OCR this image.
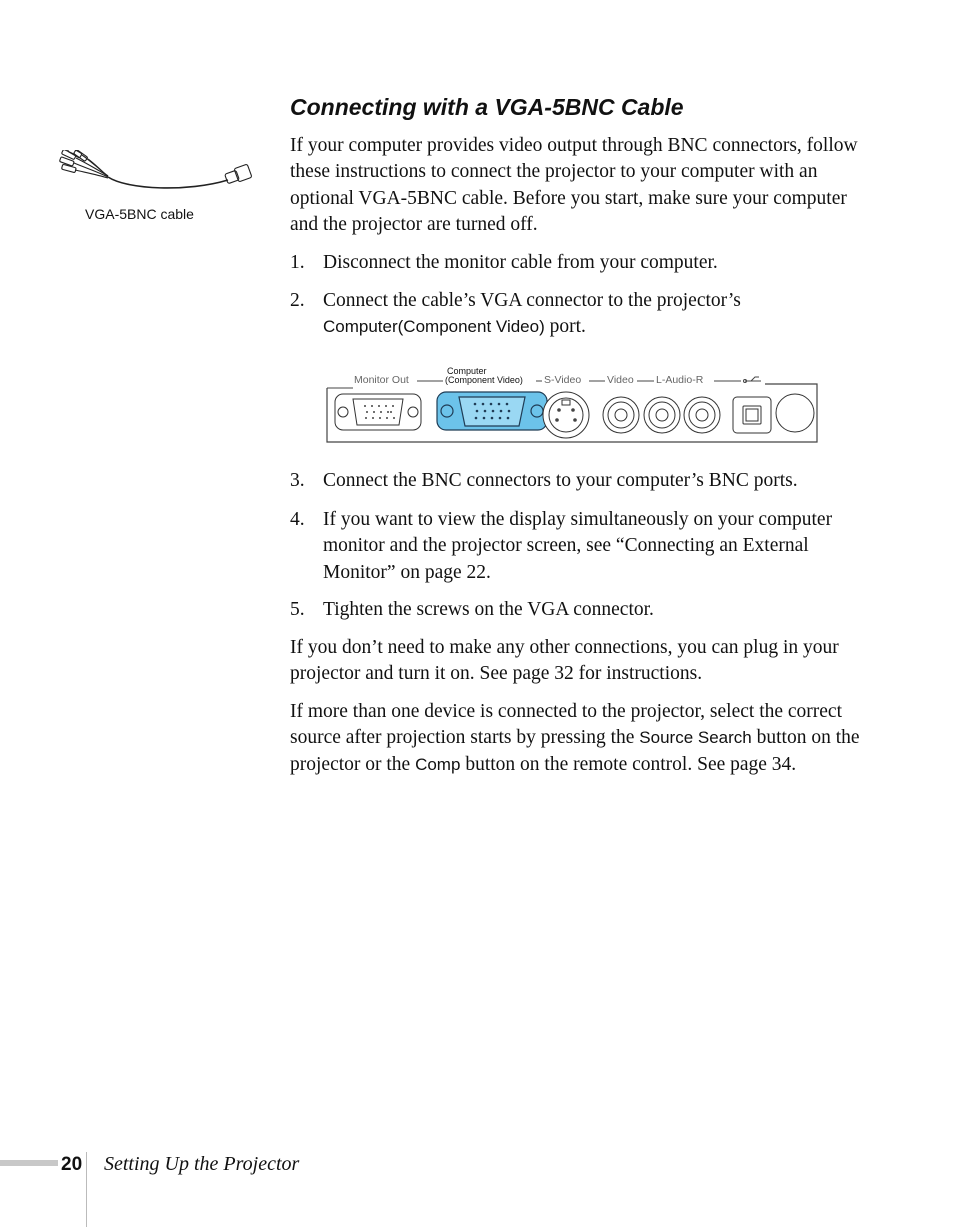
VGA-5BNC cable
Connecting with a VGA-5BNC Cable

If your computer provides video output through BNC connectors, follow these instructions to connect the projector to your computer with an optional VGA-5BNC cable. Before you start, make sure your computer and the projector are turned off.

1. Disconnect the monitor cable from your computer.
2. Connect the cable’s VGA connector to the projector’s
Computer(Component Video) port.
Monitor Out
Computer
(Component Video) S-Video Video L-Audio-R
3. Connect the BNC connectors to your computer’s BNC ports.
4. If you want to view the display simultaneously on your computer monitor and the projector screen, see “Connecting an External Monitor” on page 22.
5. Tighten the screws on the VGA connector.

If you don’t need to make any other connections, you can plug in your projector and turn it on. See page 32 for instructions.

If more than one device is connected to the projector, select the correct source after projection starts by pressing the Source Search button on the projector or the Comp button on the remote control. See page 34.

20 Setting Up the Projector
